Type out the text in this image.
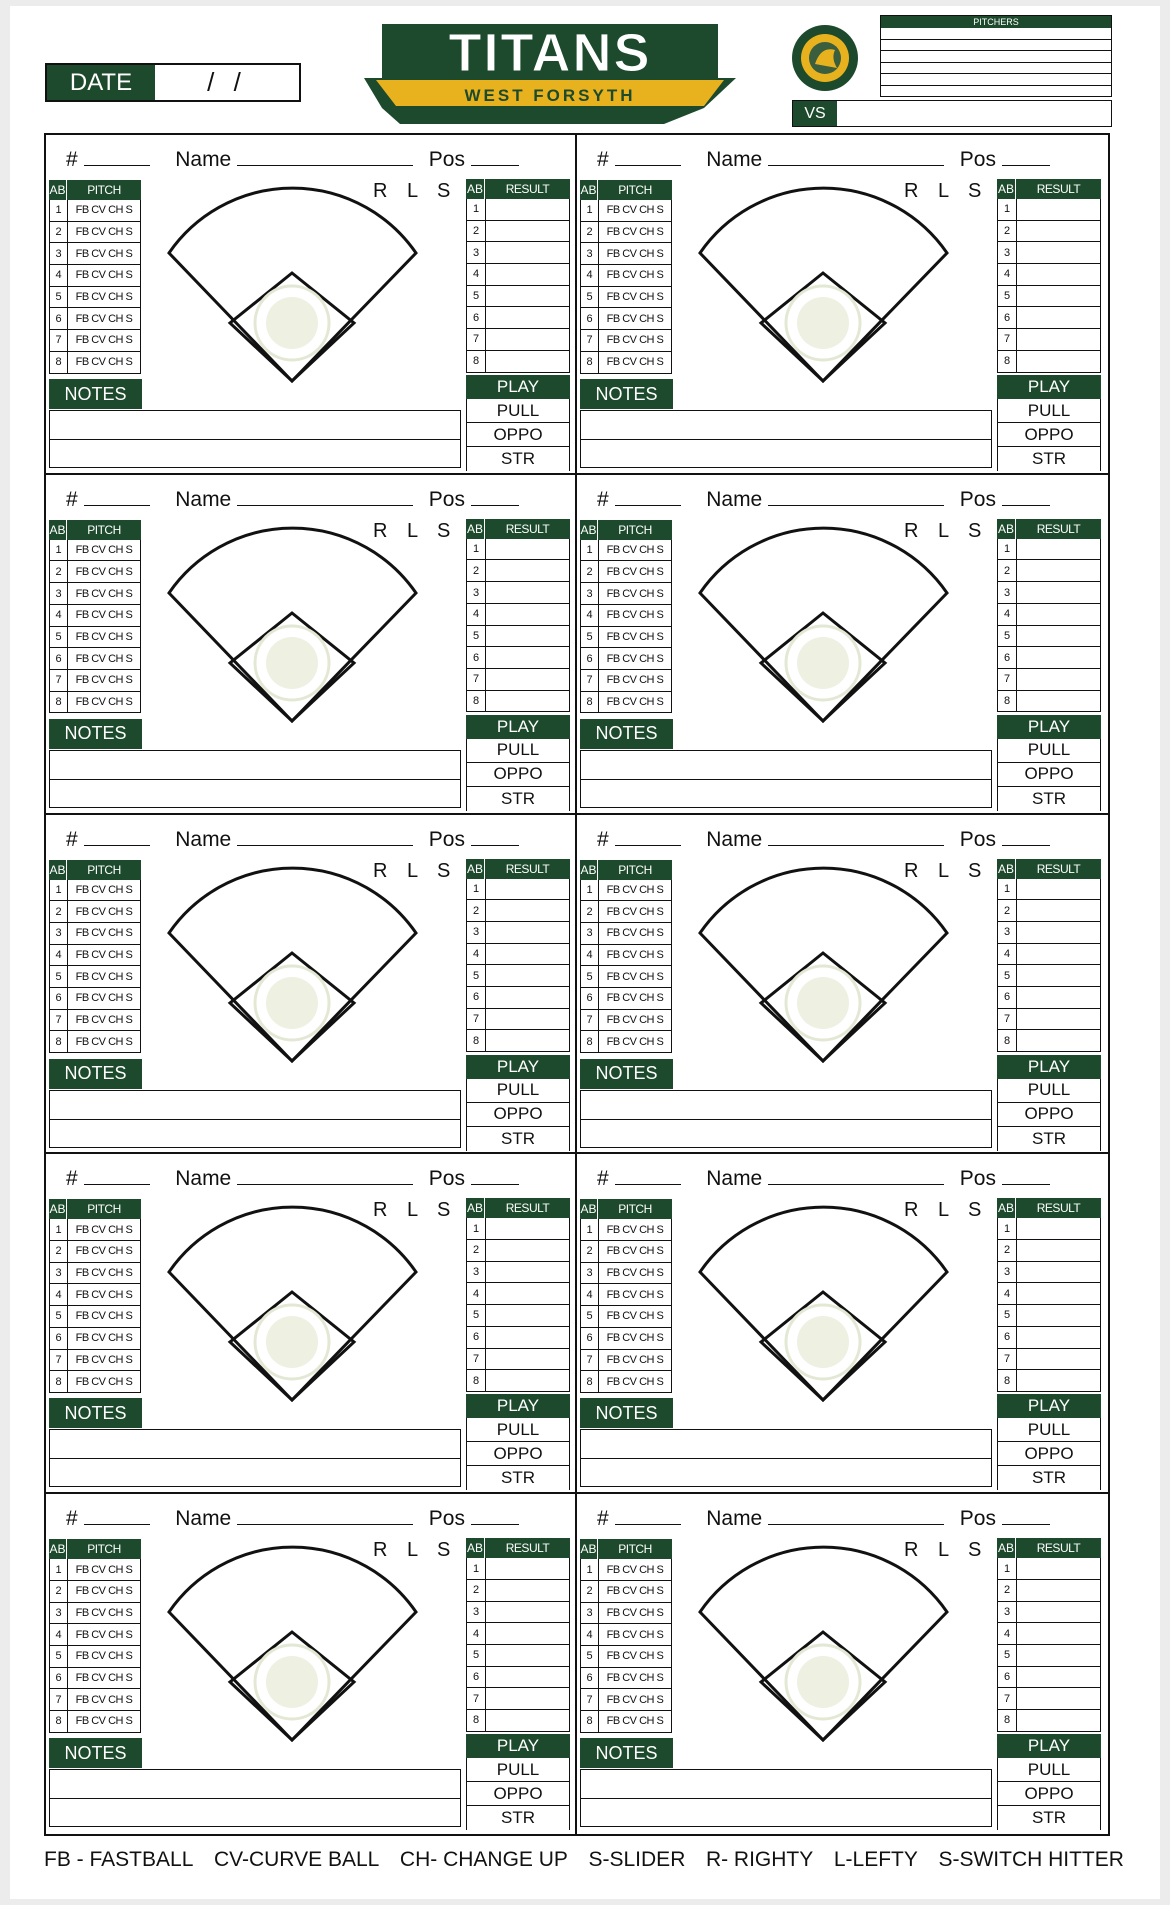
DATE	/ /	TITANS
WEST FORSYTH
PITCHERS
VS
#	Name	Pos
AB	PITCH
1	FB CV CH S
2	FB CV CH S
3	FB CV CH S
4	FB CV CH S
5	FB CV CH S
6	FB CV CH S
7	FB CV CH S
8	FB CV CH S
R L S AB	RESULT
1
2
3
4
5
6
7
8
NOTES	PLAY
PULL
OPPO
STR
#	Name	Pos
AB	PITCH
1	FB CV CH S
2	FB CV CH S
3	FB CV CH S
4	FB CV CH S
5	FB CV CH S
6	FB CV CH S
7	FB CV CH S
8	FB CV CH S
R L S AB	RESULT
1
2
3
4
5
6
7
8
NOTES	PLAY
PULL
OPPO
STR
#	Name	Pos
AB	PITCH
1	FB CV CH S
2	FB CV CH S
3	FB CV CH S
4	FB CV CH S
5	FB CV CH S
6	FB CV CH S
7	FB CV CH S
8	FB CV CH S
R L S AB	RESULT
1
2
3
4
5
6
7
8
NOTES	PLAY
PULL
OPPO
STR
#	Name	Pos
AB	PITCH
1	FB CV CH S
2	FB CV CH S
3	FB CV CH S
4	FB CV CH S
5	FB CV CH S
6	FB CV CH S
7	FB CV CH S
8	FB CV CH S
R L S AB	RESULT
1
2
3
4
5
6
7
8
NOTES	PLAY
PULL
OPPO
STR
#	Name	Pos
AB	PITCH
1	FB CV CH S
2	FB CV CH S
3	FB CV CH S
4	FB CV CH S
5	FB CV CH S
6	FB CV CH S
7	FB CV CH S
8	FB CV CH S
R L S AB	RESULT
1
2
3
4
5
6
7
8
NOTES	PLAY
PULL
OPPO
STR
#	Name	Pos
AB	PITCH
1	FB CV CH S
2	FB CV CH S
3	FB CV CH S
4	FB CV CH S
5	FB CV CH S
6	FB CV CH S
7	FB CV CH S
8	FB CV CH S
R L S AB	RESULT
1
2
3
4
5
6
7
8
NOTES	PLAY
PULL
OPPO
STR
#	Name	Pos
AB	PITCH
1	FB CV CH S
2	FB CV CH S
3	FB CV CH S
4	FB CV CH S
5	FB CV CH S
6	FB CV CH S
7	FB CV CH S
8	FB CV CH S
R L S AB	RESULT
1
2
3
4
5
6
7
8
NOTES	PLAY
PULL
OPPO
STR
#	Name	Pos
AB	PITCH
1	FB CV CH S
2	FB CV CH S
3	FB CV CH S
4	FB CV CH S
5	FB CV CH S
6	FB CV CH S
7	FB CV CH S
8	FB CV CH S
R L S AB	RESULT
1
2
3
4
5
6
7
8
NOTES	PLAY
PULL
OPPO
STR
#	Name	Pos
AB	PITCH
1	FB CV CH S
2	FB CV CH S
3	FB CV CH S
4	FB CV CH S
5	FB CV CH S
6	FB CV CH S
7	FB CV CH S
8	FB CV CH S
R L S AB	RESULT
1
2
3
4
5
6
7
8
NOTES	PLAY
PULL
OPPO
STR
#	Name	Pos
AB	PITCH
1	FB CV CH S
2	FB CV CH S
3	FB CV CH S
4	FB CV CH S
5	FB CV CH S
6	FB CV CH S
7	FB CV CH S
8	FB CV CH S
R L S AB	RESULT
1
2
3
4
5
6
7
8
NOTES	PLAY
PULL
OPPO
STR
FB - FASTBALL CV-CURVE BALL CH- CHANGE UP S-SLIDER R- RIGHTY L-LEFTY S-SWITCH HITTER
